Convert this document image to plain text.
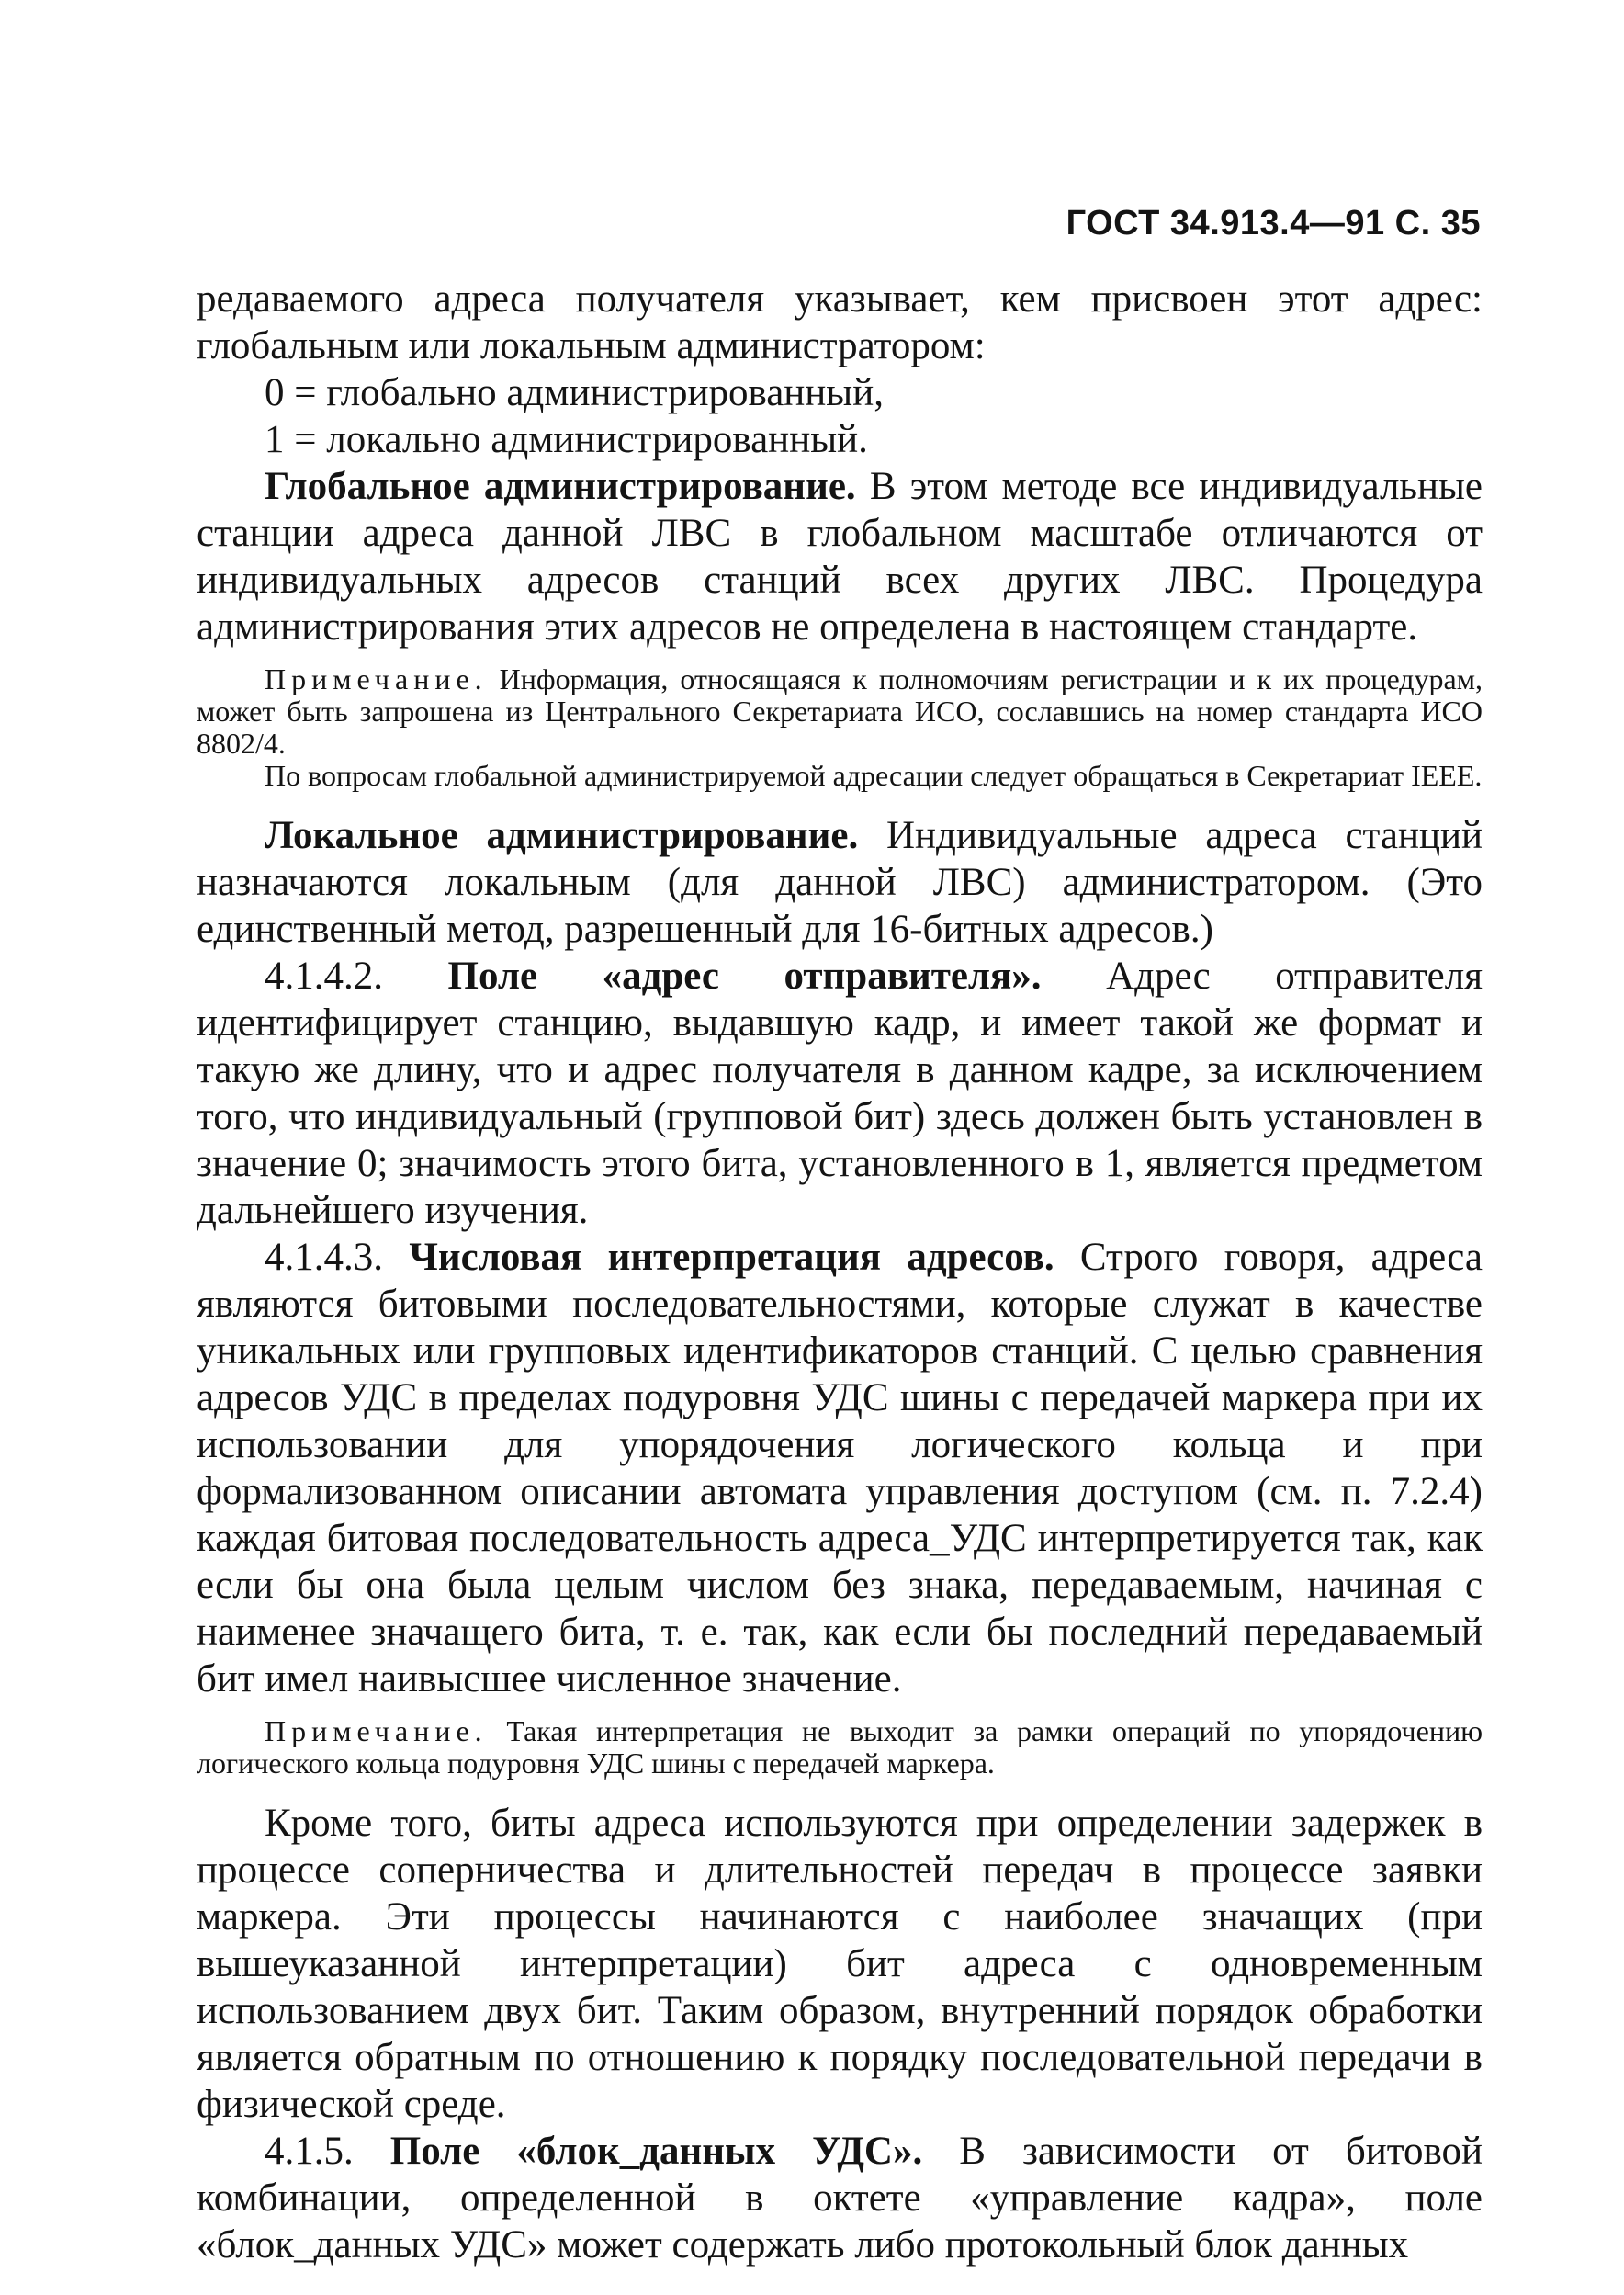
ГОСТ 34.913.4—91 С. 35

редаваемого адреса получателя указывает, кем присвоен этот адрес: глобальным или локальным администратором:

0 = глобально администрированный,

1 = локально администрированный.

Глобальное администрирование. В этом методе все индивидуальные станции адреса данной ЛВС в глобальном масштабе отличаются от индивидуальных адресов станций всех других ЛВС. Процедура администрирования этих адресов не определена в настоящем стандарте.

Примечание. Информация, относящаяся к полномочиям регистрации и к их процедурам, может быть запрошена из Центрального Секретариата ИСО, сославшись на номер стандарта ИСО 8802/4.

По вопросам глобальной администрируемой адресации следует обращаться в Секретариат IEEE.

Локальное администрирование. Индивидуальные адреса станций назначаются локальным (для данной ЛВС) администратором. (Это единственный метод, разрешенный для 16-битных адресов.)

4.1.4.2. Поле «адрес отправителя». Адрес отправителя идентифицирует станцию, выдавшую кадр, и имеет такой же формат и такую же длину, что и адрес получателя в данном кадре, за исключением того, что индивидуальный (групповой бит) здесь должен быть установлен в значение 0; значимость этого бита, установленного в 1, является предметом дальнейшего изучения.

4.1.4.3. Числовая интерпретация адресов. Строго говоря, адреса являются битовыми последовательностями, которые служат в качестве уникальных или групповых идентификаторов станций. С целью сравнения адресов УДС в пределах подуровня УДС шины с передачей маркера при их использовании для упорядочения логического кольца и при формализованном описании автомата управления доступом (см. п. 7.2.4) каждая битовая последовательность адреса_УДС интерпретируется так, как если бы она была целым числом без знака, передаваемым, начиная с наименее значащего бита, т. е. так, как если бы последний передаваемый бит имел наивысшее численное значение.

Примечание. Такая интерпретация не выходит за рамки операций по упорядочению логического кольца подуровня УДС шины с передачей маркера.

Кроме того, биты адреса используются при определении задержек в процессе соперничества и длительностей передач в процессе заявки маркера. Эти процессы начинаются с наиболее значащих (при вышеуказанной интерпретации) бит адреса с одновременным использованием двух бит. Таким образом, внутренний порядок обработки является обратным по отношению к порядку последовательной передачи в физической среде.

4.1.5. Поле «блок_данных УДС». В зависимости от битовой комбинации, определенной в октете «управление кадра», поле «блок_данных УДС» может содержать либо протокольный блок данных
